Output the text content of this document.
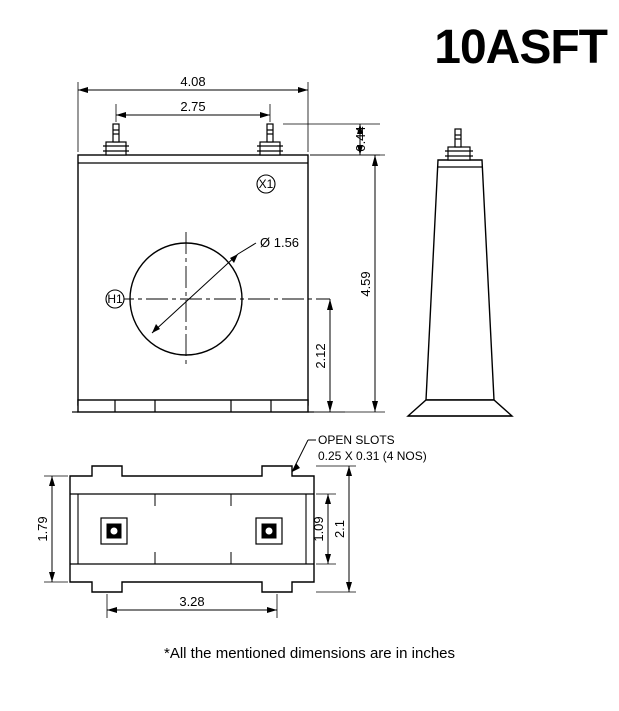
10ASFT
4.08
2.75
0.44
4.59
2.12
Ø 1.56
X1
H1
OPEN SLOTS
0.25 X 0.31 (4 NOS)
1.79	1.09 2.1
3.28
*All the mentioned dimensions are in inches
